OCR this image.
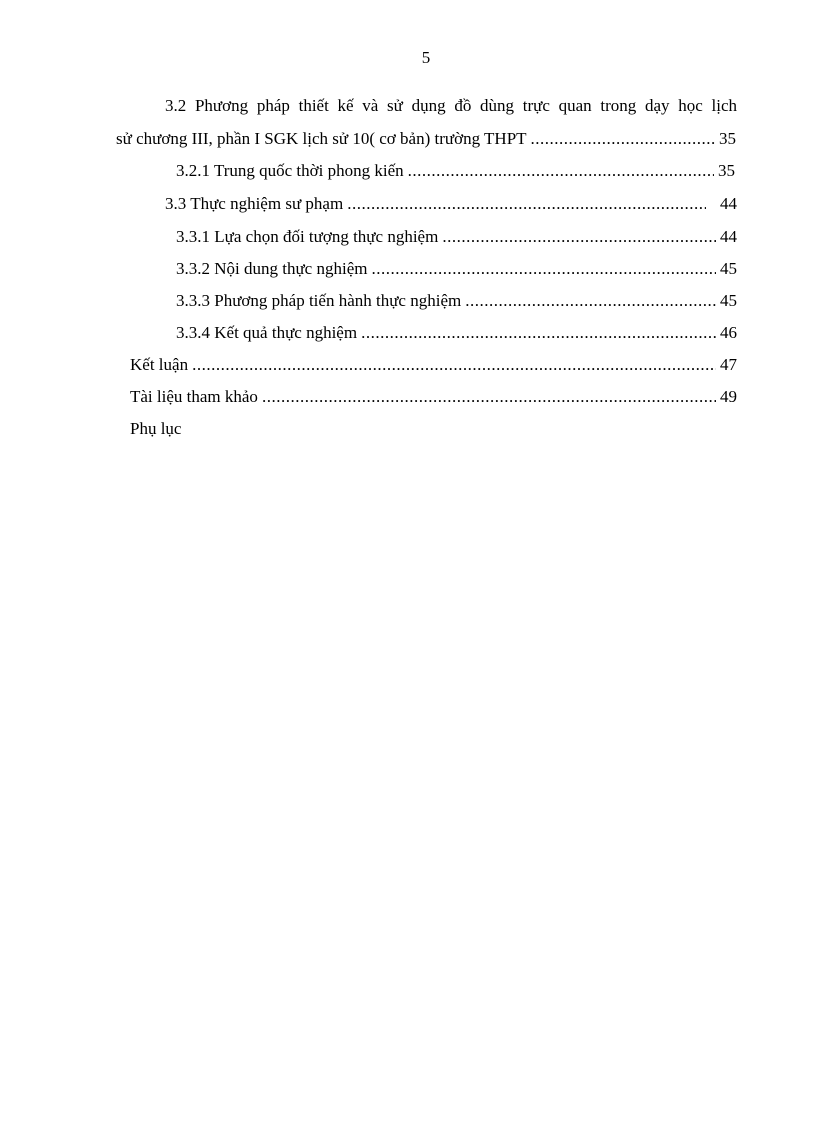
5
3.2 Phương pháp thiết kế và sử dụng đồ dùng trực quan trong dạy học lịch
sử chương III, phần I SGK lịch sử 10( cơ bản) trường THPT .....	35
3.2.1 Trung quốc thời phong kiến .....	35
3.3 Thực nghiệm sư phạm .....	44
3.3.1 Lựa chọn đối tượng thực nghiệm .....	44
3.3.2 Nội dung thực nghiệm .....	45
3.3.3 Phương pháp tiến hành thực nghiệm .....	45
3.3.4 Kết quả thực nghiệm .....	46
Kết luận .....	47
Tài liệu tham khảo .....	49
Phụ lục
